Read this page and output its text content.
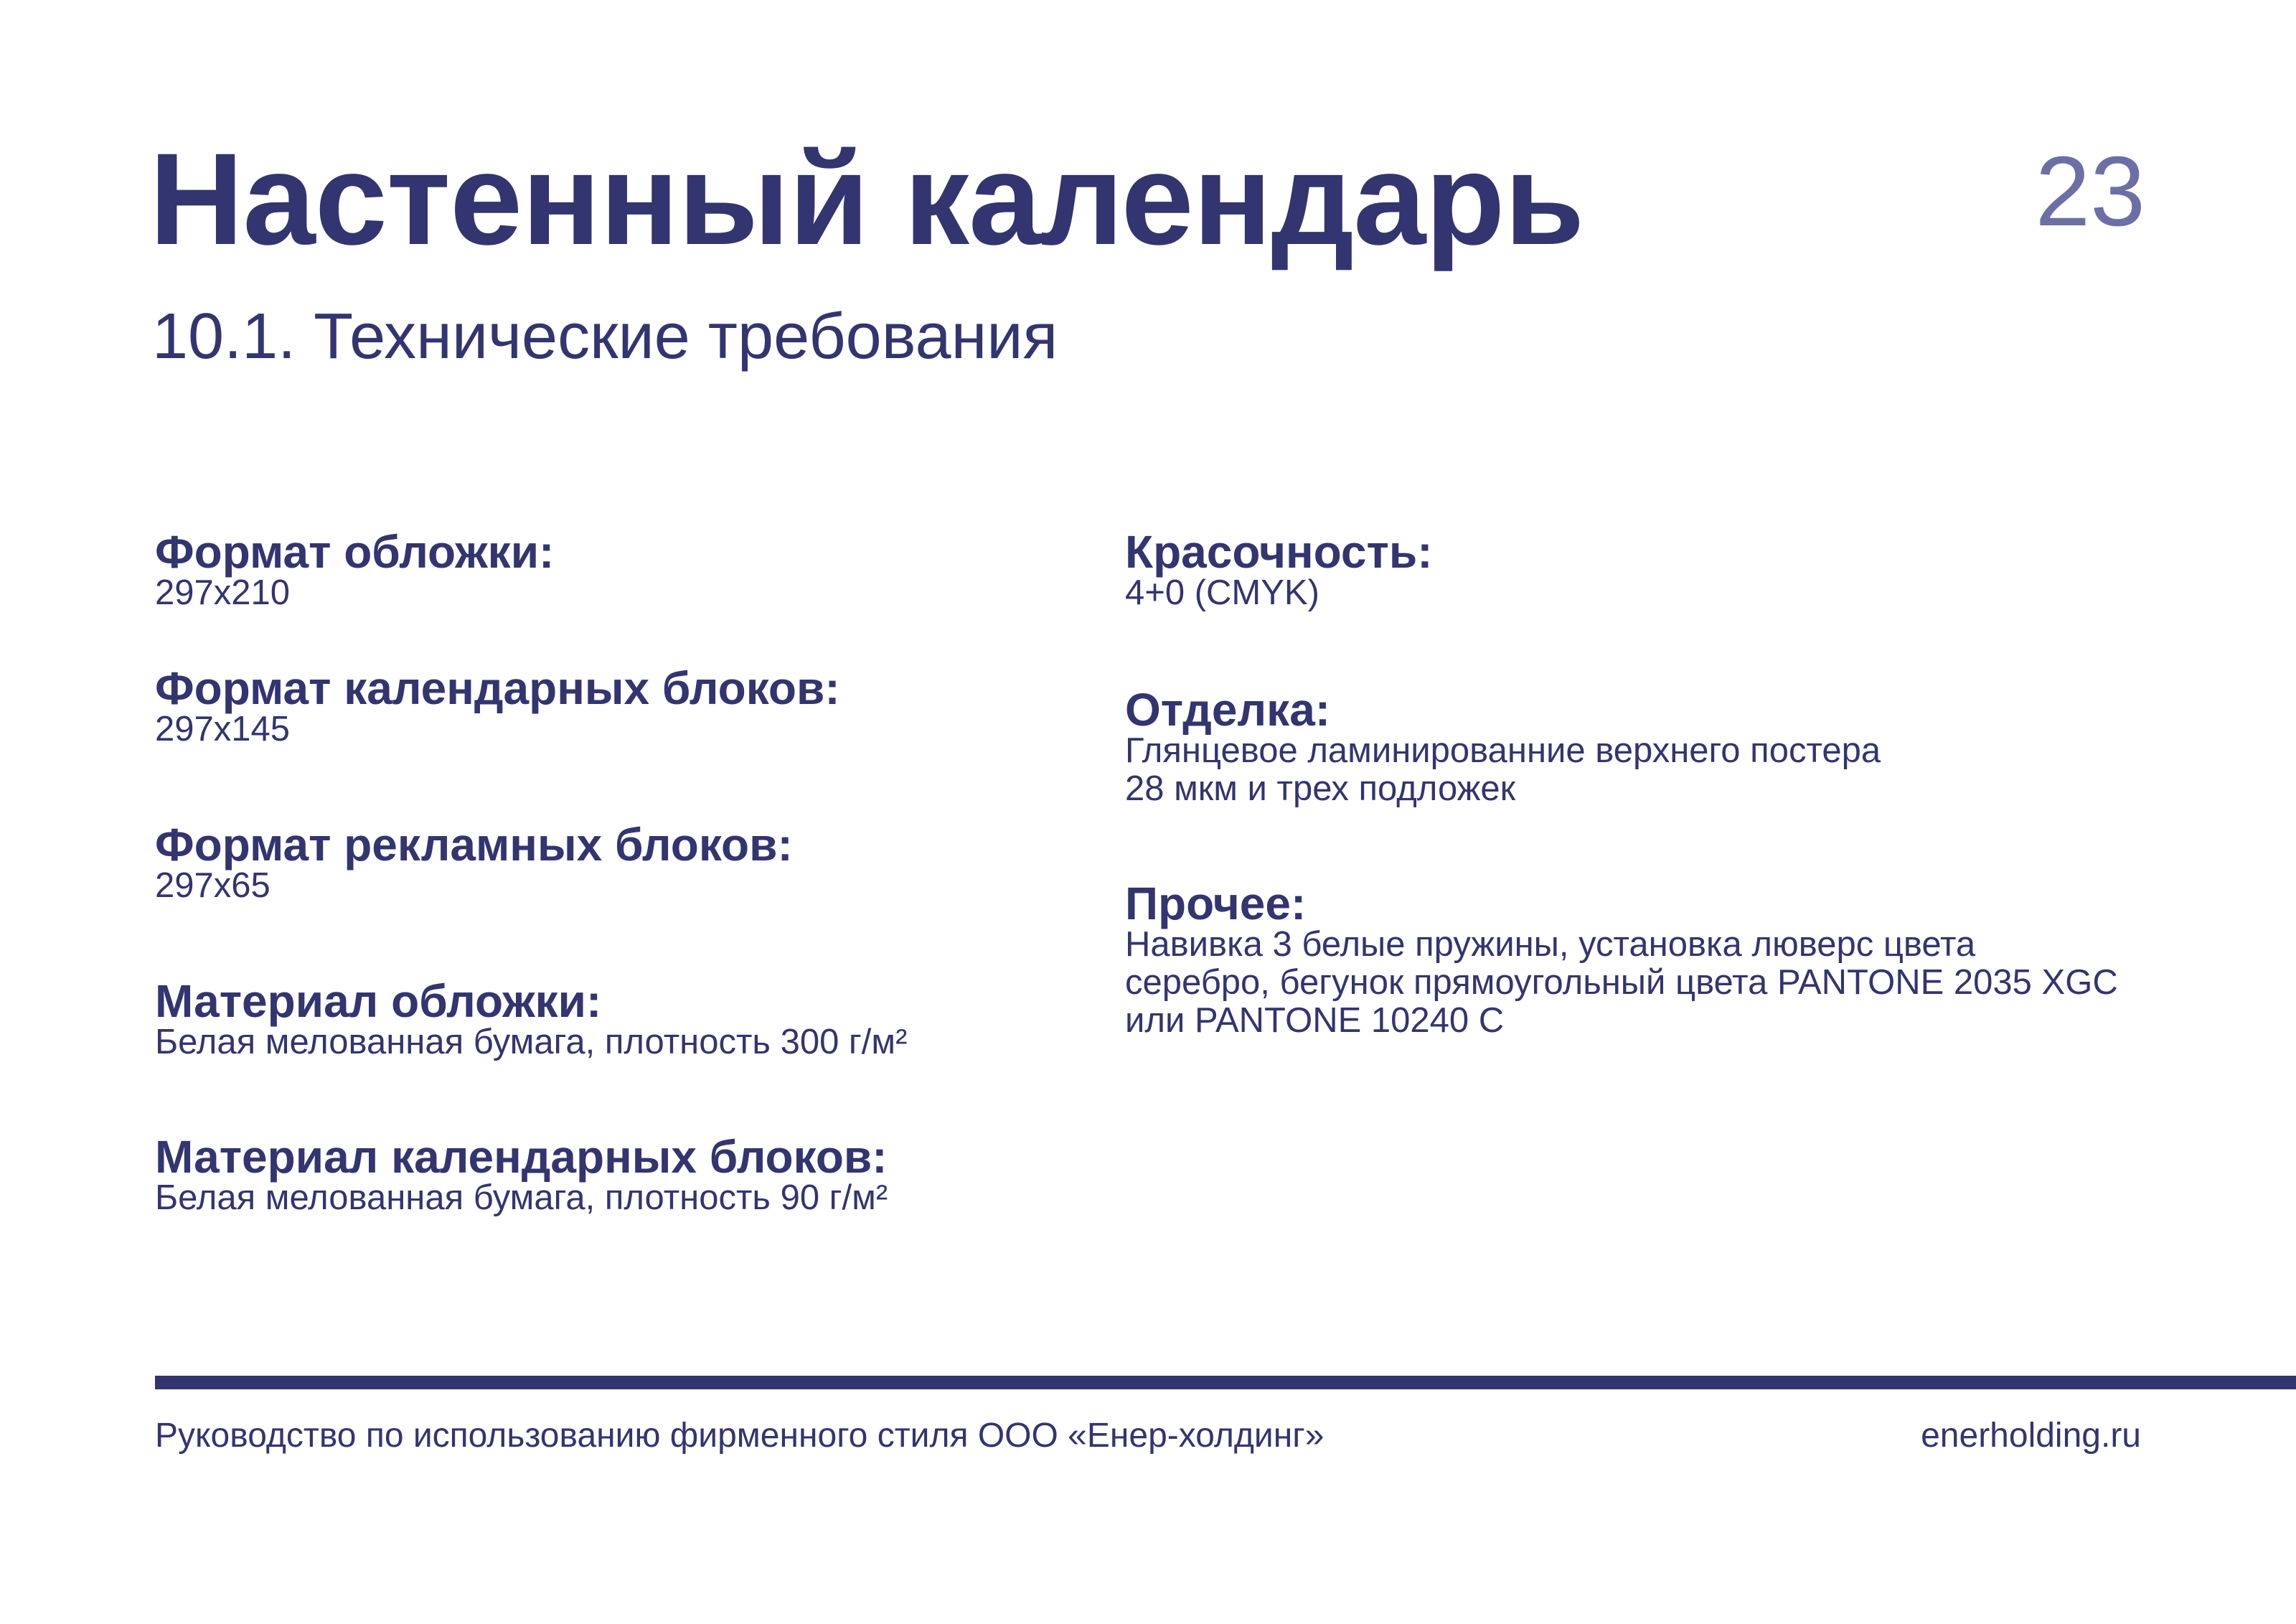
Настенный календарь
10.1. Технические требования
23
Формат обложки:

297x210

Формат календарных блоков:

297x145

Формат рекламных блоков:

297x65

Материал обложки:

Белая мелованная бумага, плотность 300 г/м²

Материал календарных блоков:

Белая мелованная бумага, плотность 90 г/м²

Красочность:

4+0 (CMYK)

Отделка:

Глянцевое ламинированние верхнего постера
28 мкм и трех подложек

Прочее:

Навивка 3 белые пружины, установка люверс цвета
серебро, бегунок прямоугольный цвета PANTONE 2035 XGC
или PANTONE 10240 C

Руководство по использованию фирменного стиля ООО «Енер-холдинг»	enerholding.ru
